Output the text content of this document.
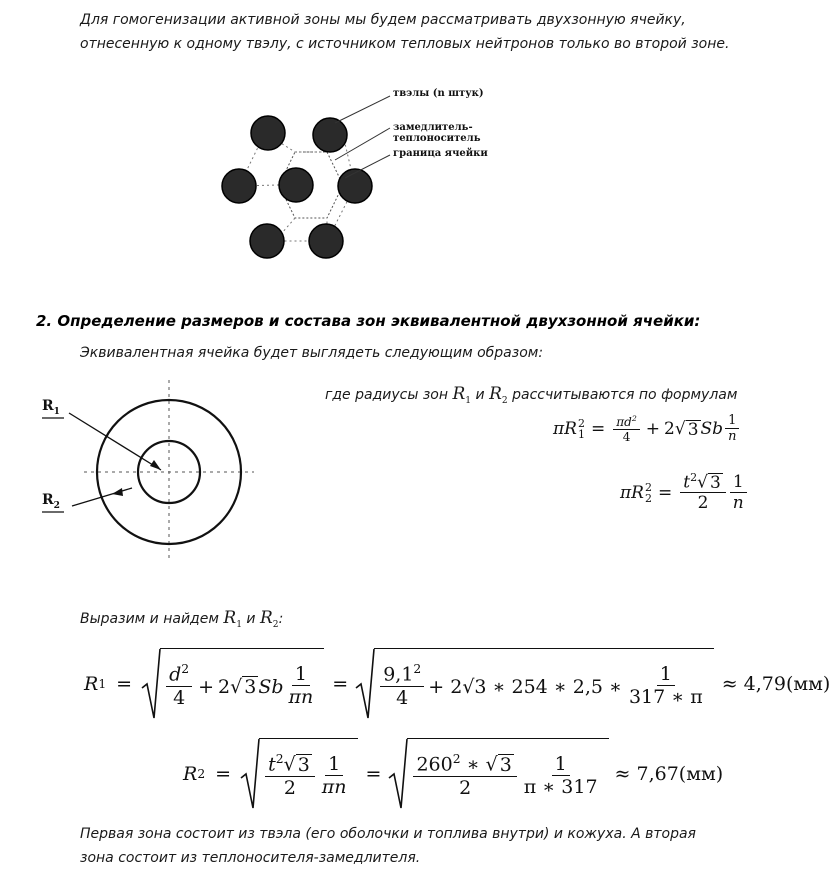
Для гомогенизации активной зоны мы будем рассматривать двухзонную ячейку,
отнесенную к одному твэлу, с источником тепловых нейтронов только во второй зоне.
твэлы (n штук)
замедлитель-теплоноситель
граница ячейки
2. Определение размеров и состава зон эквивалентной двухзонной ячейки:
Эквивалентная ячейка будет выглядеть следующим образом:
$R_1$
$R_2$
где радиусы зон $R_1$ и $R_2$ рассчитываются по формулам
πR 2
$1 = \frac{\pi d^2}{4} + 2$ √ 3 Sb $\frac{1}{n}$
πR 2
$2 = \frac{t^2√ 3}{2} \frac{1}{n}$
Выразим и найдем $R_1$ и $R_2$:
R $1 = \frac{d^2}{4} + 2√$ 3 Sb $\frac{1}{\pi n} = \frac{9,1^2}{4} + 2√3$ ∗ 254 ∗ 2,5 ∗ $\frac{1}{317 ∗ \pi} \approx 4,79(мм)$
R $2 = \frac{t^2√ 3}{2} \frac{1}{\pi n} = \frac{260^2 ∗ √ 3}{2} \frac{1}{\pi ∗ 317} \approx 7,67(мм)$
Первая зона состоит из твэла (его оболочки и топлива внутри) и кожуха. А вторая
зона состоит из теплоносителя-замедлителя.
